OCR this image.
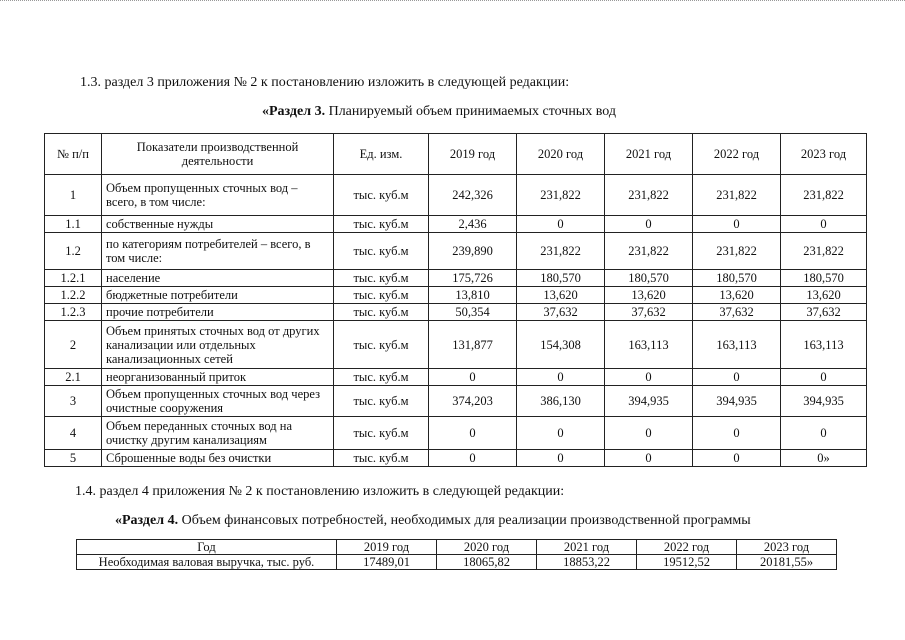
1.3. раздел 3 приложения № 2 к постановлению изложить в следующей редакции:
«Раздел 3. Планируемый объем принимаемых сточных вод
№ п/п	Показатели производственной деятельности	Ед. изм.	2019 год	2020 год	2021 год	2022 год	2023 год
1	Объем пропущенных сточных вод – всего, в том числе:	тыс. куб.м	242,326	231,822	231,822	231,822	231,822
1.1	собственные нужды	тыс. куб.м	2,436	0	0	0	0
1.2	по категориям потребителей – всего, в том числе:	тыс. куб.м	239,890	231,822	231,822	231,822	231,822
1.2.1	население	тыс. куб.м	175,726	180,570	180,570	180,570	180,570
1.2.2	бюджетные потребители	тыс. куб.м	13,810	13,620	13,620	13,620	13,620
1.2.3	прочие потребители	тыс. куб.м	50,354	37,632	37,632	37,632	37,632
2	Объем принятых сточных вод от других канализации или отдельных канализационных сетей	тыс. куб.м	131,877	154,308	163,113	163,113	163,113
2.1	неорганизованный приток	тыс. куб.м	0	0	0	0	0
3	Объем пропущенных сточных вод через очистные сооружения	тыс. куб.м	374,203	386,130	394,935	394,935	394,935
4	Объем переданных сточных вод на очистку другим канализациям	тыс. куб.м	0	0	0	0	0
5	Сброшенные воды без очистки	тыс. куб.м	0	0	0	0	0»
1.4. раздел 4 приложения № 2 к постановлению изложить в следующей редакции:
«Раздел 4. Объем финансовых потребностей, необходимых для реализации производственной программы
Год	2019 год	2020 год	2021 год	2022 год	2023 год
Необходимая валовая выручка, тыс. руб.	17489,01	18065,82	18853,22	19512,52	20181,55»
